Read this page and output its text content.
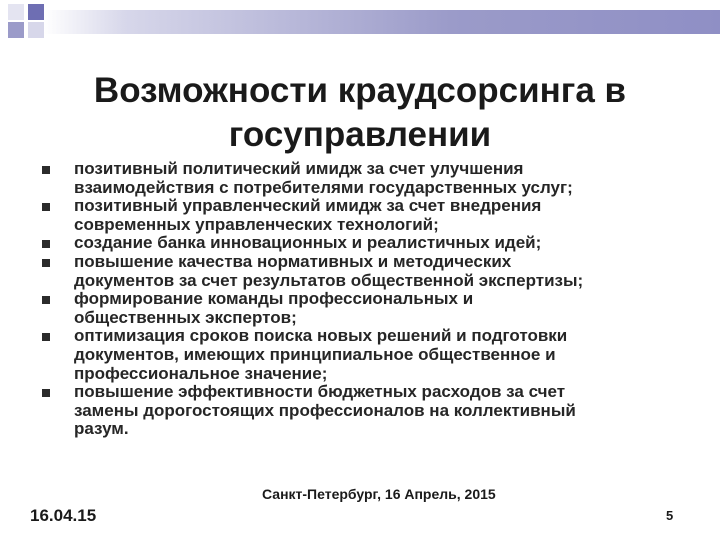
Возможности краудсорсинга в
госуправлении
позитивный политический имидж за счет улучшения
взаимодействия с потребителями государственных услуг;
позитивный управленческий имидж за счет внедрения
современных управленческих технологий;
создание банка инновационных и реалистичных идей;
повышение качества нормативных и методических
документов за счет результатов общественной экспертизы;
формирование команды профессиональных и
общественных экспертов;
оптимизация сроков поиска новых решений и подготовки
документов, имеющих принципиальное общественное и
профессиональное значение;
повышение эффективности бюджетных расходов за счет
замены дорогостоящих профессионалов на коллективный
разум.
Санкт-Петербург, 16 Апрель, 2015
16.04.15	5
